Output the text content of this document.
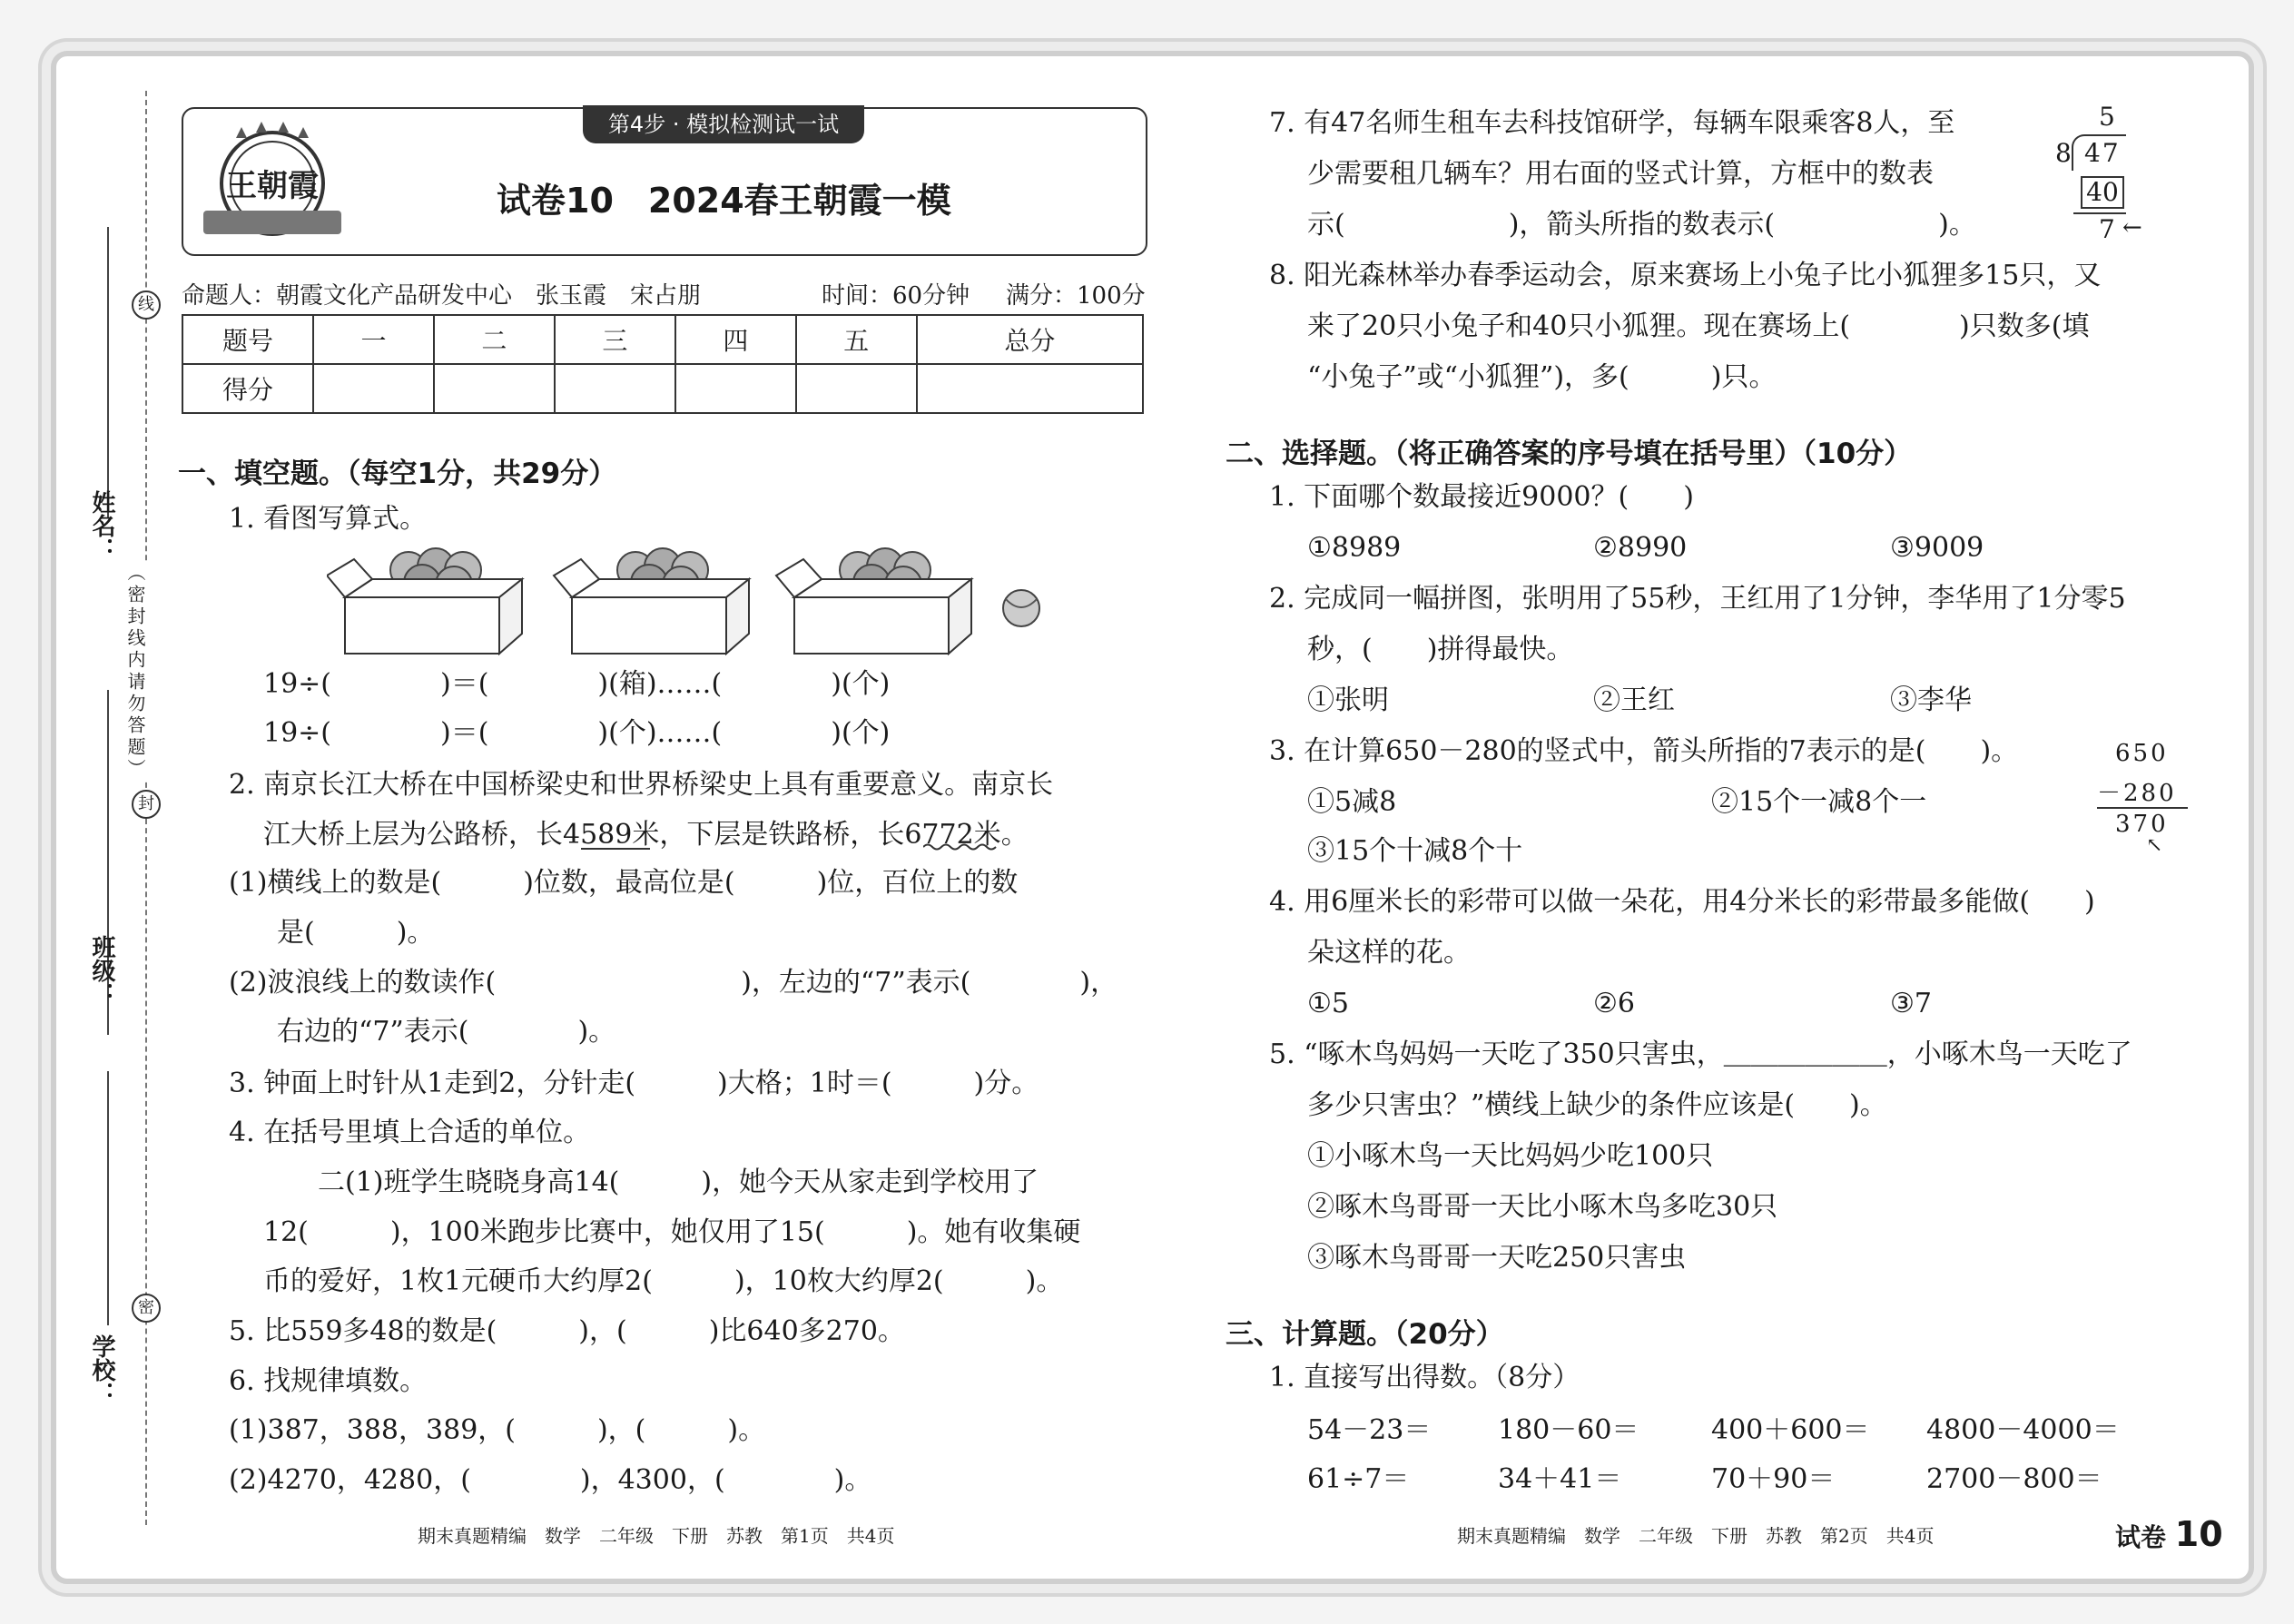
姓名：
班级：
学校：
线
封
密
（密封线内请勿答题）
第4步 · 模拟检测试一试
王朝霞	试卷10　2024春王朝霞一模
命题人：朝霞文化产品研发中心　张玉霞　宋占朋	时间：60分钟 满分：100分
题号	一	二	三	四	五	总分
得分						
一、填空题。（每空1分，共29分）
1. 看图写算式。
19÷(　　　　)＝(　　　　)(箱)……(　　　　)(个)
19÷(　　　　)＝(　　　　)(个)……(　　　　)(个)
2. 南京长江大桥在中国桥梁史和世界桥梁史上具有重要意义。南京长
江大桥上层为公路桥，长4589米，下层是铁路桥，长6772米。
(1)横线上的数是(　　　)位数，最高位是(　　　)位，百位上的数
是(　　　)。
(2)波浪线上的数读作(　　　　　　　　　)，左边的“7”表示(　　　　)，
右边的“7”表示(　　　　)。
3. 钟面上时针从1走到2，分针走(　　　)大格；1时＝(　　　)分。
4. 在括号里填上合适的单位。
二(1)班学生晓晓身高14(　　　)，她今天从家走到学校用了
12(　　　)，100米跑步比赛中，她仅用了15(　　　)。她有收集硬
币的爱好，1枚1元硬币大约厚2(　　　)，10枚大约厚2(　　　)。
5. 比559多48的数是(　　　)，(　　　)比640多270。
6. 找规律填数。
(1)387，388，389，(　　　)，(　　　)。
(2)4270，4280，(　　　　)，4300，(　　　　)。
期末真题精编　数学　二年级　下册　苏教　第1页　共4页
7. 有47名师生租车去科技馆研学，每辆车限乘客8人，至
少需要租几辆车？用右面的竖式计算，方框中的数表
示(　　　　　　)，箭头所指的数表示(　　　　　　)。
5
8 47
40
7 ←
8. 阳光森林举办春季运动会，原来赛场上小兔子比小狐狸多15只，又
来了20只小兔子和40只小狐狸。现在赛场上(　　　　)只数多(填
“小兔子”或“小狐狸”)，多(　　　)只。
二、选择题。（将正确答案的序号填在括号里）（10分）
1. 下面哪个数最接近9000？(　　)
①8989	②8990	③9009
2. 完成同一幅拼图，张明用了55秒，王红用了1分钟，李华用了1分零5
秒，(　　)拼得最快。
①张明	②王红	③李华
3. 在计算650－280的竖式中，箭头所指的7表示的是(　　)。
①5减8	②15个一减8个一
③15个十减8个十
650
－280
370
↖
4. 用6厘米长的彩带可以做一朵花，用4分米长的彩带最多能做(　　)
朵这样的花。
①5	②6	③7
5. “啄木鸟妈妈一天吃了350只害虫，＿＿＿＿＿＿，小啄木鸟一天吃了
多少只害虫？”横线上缺少的条件应该是(　　)。
①小啄木鸟一天比妈妈少吃100只
②啄木鸟哥哥一天比小啄木鸟多吃30只
③啄木鸟哥哥一天吃250只害虫
三、计算题。（20分）
1. 直接写出得数。（8分）
54－23＝ 180－60＝	400＋600＝ 4800－4000＝
61÷7＝	34＋41＝	70＋90＝	2700－800＝
期末真题精编　数学　二年级　下册　苏教　第2页　共4页	试卷 10
